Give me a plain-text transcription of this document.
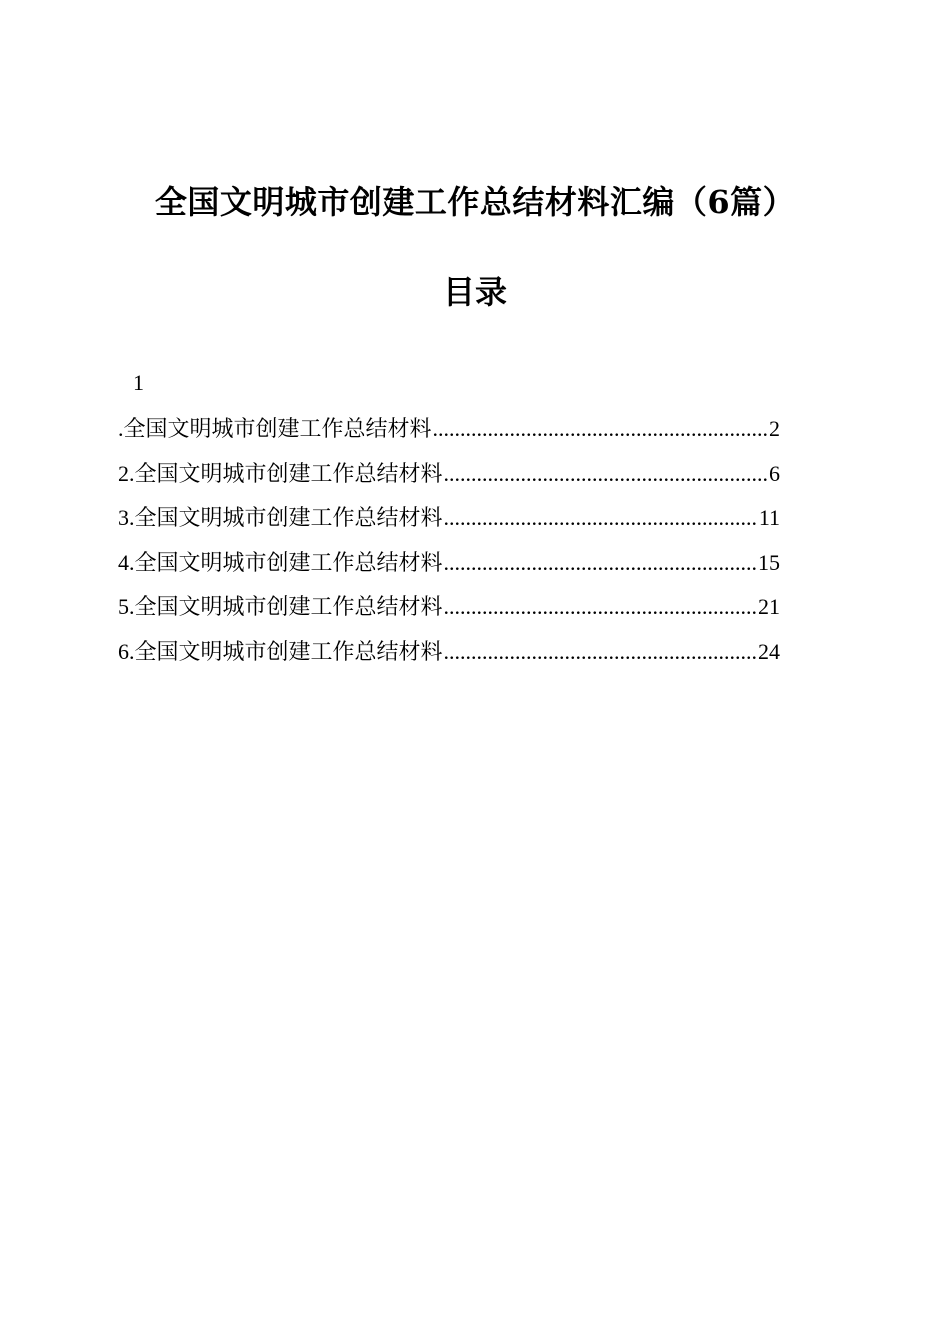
全国文明城市创建工作总结材料汇编（6篇）
目录
1
. 全国文明城市创建工作总结材料 .....	2
2. 全国文明城市创建工作总结材料 .....	6
3. 全国文明城市创建工作总结材料 .....	11
4. 全国文明城市创建工作总结材料 .....	15
5. 全国文明城市创建工作总结材料 .....	21
6. 全国文明城市创建工作总结材料 .....	24
